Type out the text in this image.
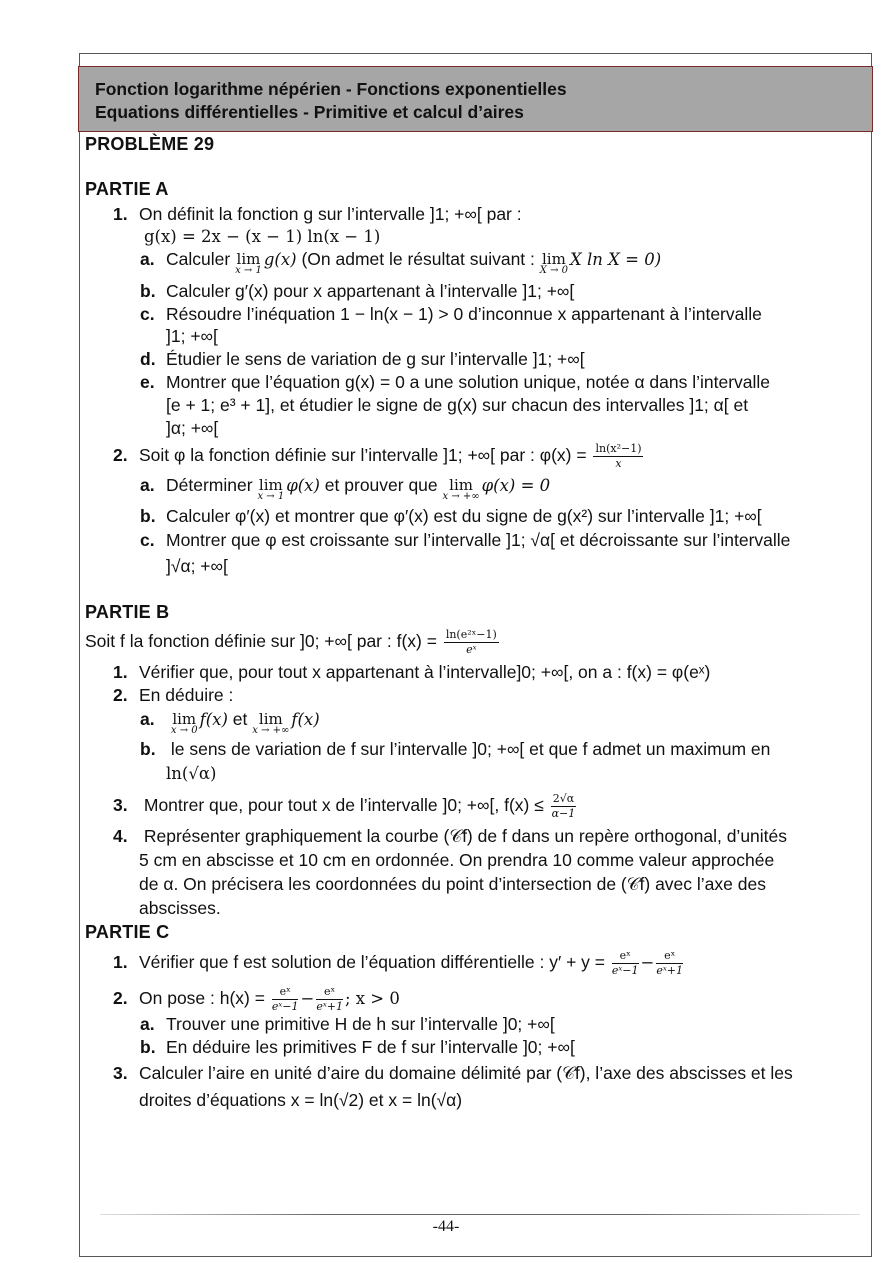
Fonction logarithme népérien - Fonctions exponentielles
Equations différentielles - Primitive et calcul d’aires
PROBLÈME 29
PARTIE A
1. On définit la fonction g sur l’intervalle ]1; +∞[ par :
g(x) = 2x − (x − 1) ln(x − 1)
a. Calculer lim
x → 1
g(x) (On admet le résultat suivant : lim
X → 0
X ln X = 0)
b. Calculer g′(x) pour x appartenant à l’intervalle ]1; +∞[
c. Résoudre l’inéquation 1 − ln(x − 1) > 0 d’inconnue x appartenant à l’intervalle
]1; +∞[
d. Étudier le sens de variation de g sur l’intervalle ]1; +∞[
e. Montrer que l’équation g(x) = 0 a une solution unique, notée α dans l’intervalle
[e + 1; e³ + 1], et étudier le signe de g(x) sur chacun des intervalles ]1; α[ et
]α; +∞[
2. Soit φ la fonction définie sur l’intervalle ]1; +∞[ par : $\varphi(x) = \frac{\text{ln(x²−1)}}{x}$
a. Déterminer lim
x → 1
φ(x) et prouver que lim
x → +∞
φ(x) = 0
b. Calculer φ′(x) et montrer que φ′(x) est du signe de g(x²) sur l’intervalle ]1; +∞[
c. Montrer que φ est croissante sur l’intervalle ]1; √α[ et décroissante sur l’intervalle
]√α; +∞[
PARTIE B
Soit f la fonction définie sur ]0; +∞[ par : $f(x) = \frac{\text{ln(e²ˣ−1)}}{\text{eˣ}}$
1. Vérifier que, pour tout x appartenant à l’intervalle]0; +∞[, on a : f(x) = φ(eˣ)
2. En déduire :
a. lim
x → 0
f(x) et lim
x → +∞
f(x)
b. le sens de variation de f sur l’intervalle ]0; +∞[ et que f admet un maximum en
ln(√α)
3. Montrer que, pour tout x de l’intervalle ]0; +∞[, $f(x) \le \frac{2√\alpha}{\alpha-1}$
4. Représenter graphiquement la courbe (𝒞f) de f dans un repère orthogonal, d’unités
5 cm en abscisse et 10 cm en ordonnée. On prendra 10 comme valeur approchée
de α. On précisera les coordonnées du point d’intersection de (𝒞f) avec l’axe des
abscisses.
PARTIE C
1. Vérifier que f est solution de l’équation différentielle : $y' + y = \frac{\text{eˣ}}{\text{eˣ−1}} - \frac{\text{eˣ}}{\text{eˣ+1}}$
2. On pose : $h(x) = \frac{\text{eˣ}}{\text{eˣ−1}} - \frac{\text{eˣ}}{\text{eˣ+1}}$ ; x > 0
a. Trouver une primitive H de h sur l’intervalle ]0; +∞[
b. En déduire les primitives F de f sur l’intervalle ]0; +∞[
3. Calculer l’aire en unité d’aire du domaine délimité par (𝒞f), l’axe des abscisses et les
droites d’équations x = ln(√2) et x = ln(√α)
-44-
